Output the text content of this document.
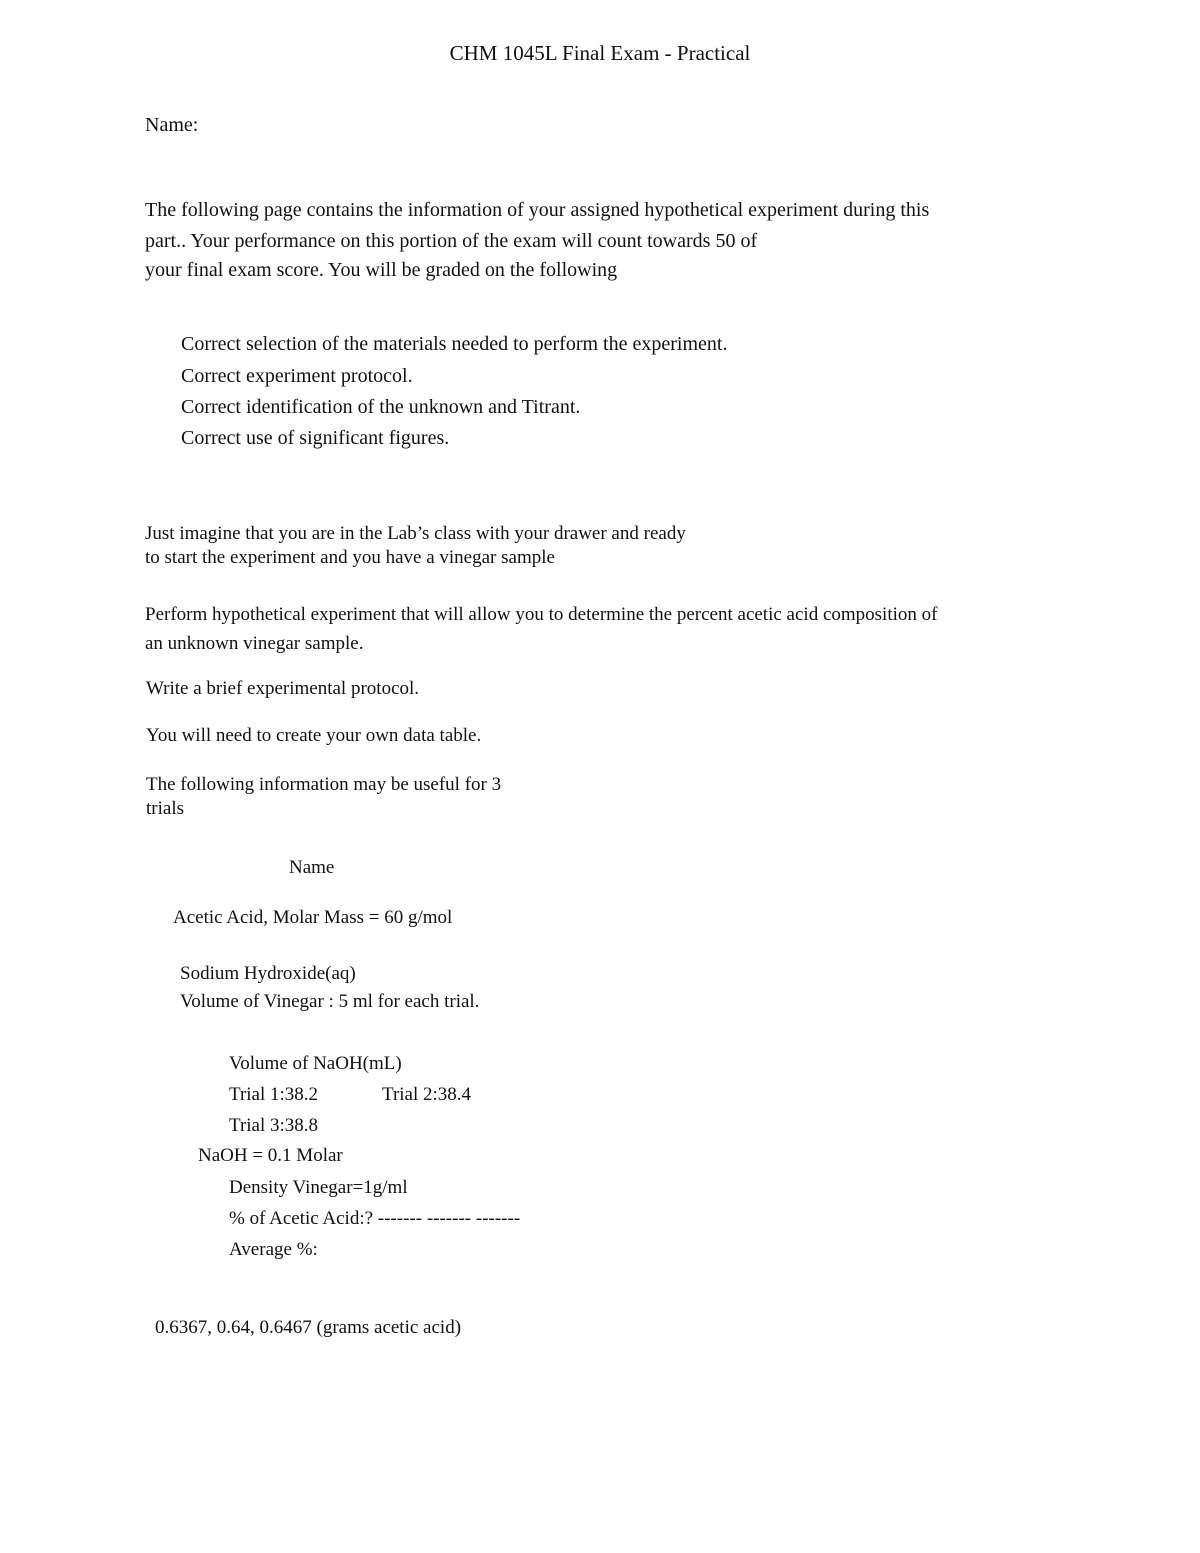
CHM 1045L Final Exam - Practical
Name:
The following page contains the information of your assigned hypothetical experiment during this
part.. Your performance on this portion of the exam will count towards 50 of
your final exam score. You will be graded on the following
Correct selection of the materials needed to perform the experiment.
Correct experiment protocol.
Correct identification of the unknown and Titrant.
Correct use of significant figures.
Just imagine that you are in the Lab’s class with your drawer and ready
to start the experiment and you have a vinegar sample
Perform hypothetical experiment that will allow you to determine the percent acetic acid composition of
an unknown vinegar sample.
Write a brief experimental protocol.
You will need to create your own data table.
The following information may be useful for 3
trials
Name
Acetic Acid, Molar Mass = 60 g/mol
Sodium Hydroxide(aq)
Volume of Vinegar : 5 ml for each trial.
Volume of NaOH(mL)
Trial 1:38.2	Trial 2:38.4
Trial 3:38.8
NaOH = 0.1 Molar
Density Vinegar=1g/ml
% of Acetic Acid:? ------- ------- -------
Average %:
0.6367, 0.64, 0.6467 (grams acetic acid)
